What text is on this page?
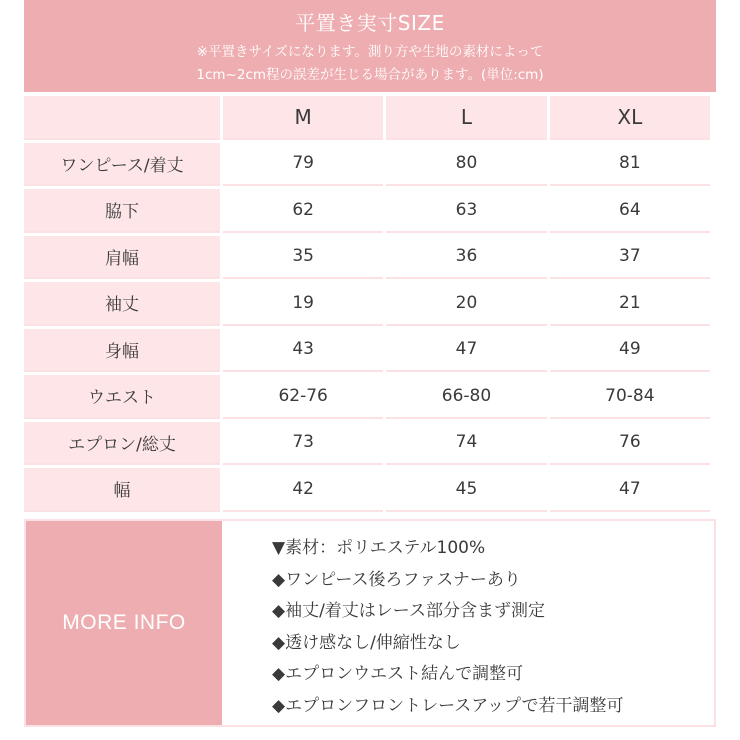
平置き実寸SIZE
※平置きサイズになります。測り方や生地の素材によって
1cm~2cm程の誤差が生じる場合があります。(単位:cm)
	M	L	XL
ワンピース/着丈	79	80	81
脇下	62	63	64
肩幅	35	36	37
袖丈	19	20	21
身幅	43	47	49
ウエスト	62-76	66-80	70-84
エプロン/総丈	73	74	76
幅	42	45	47
MORE INFO
▼素材：ポリエステル100%
◆ワンピース後ろファスナーあり
◆袖丈/着丈はレース部分含まず測定
◆透け感なし/伸縮性なし
◆エプロンウエスト結んで調整可
◆エプロンフロントレースアップで若干調整可
